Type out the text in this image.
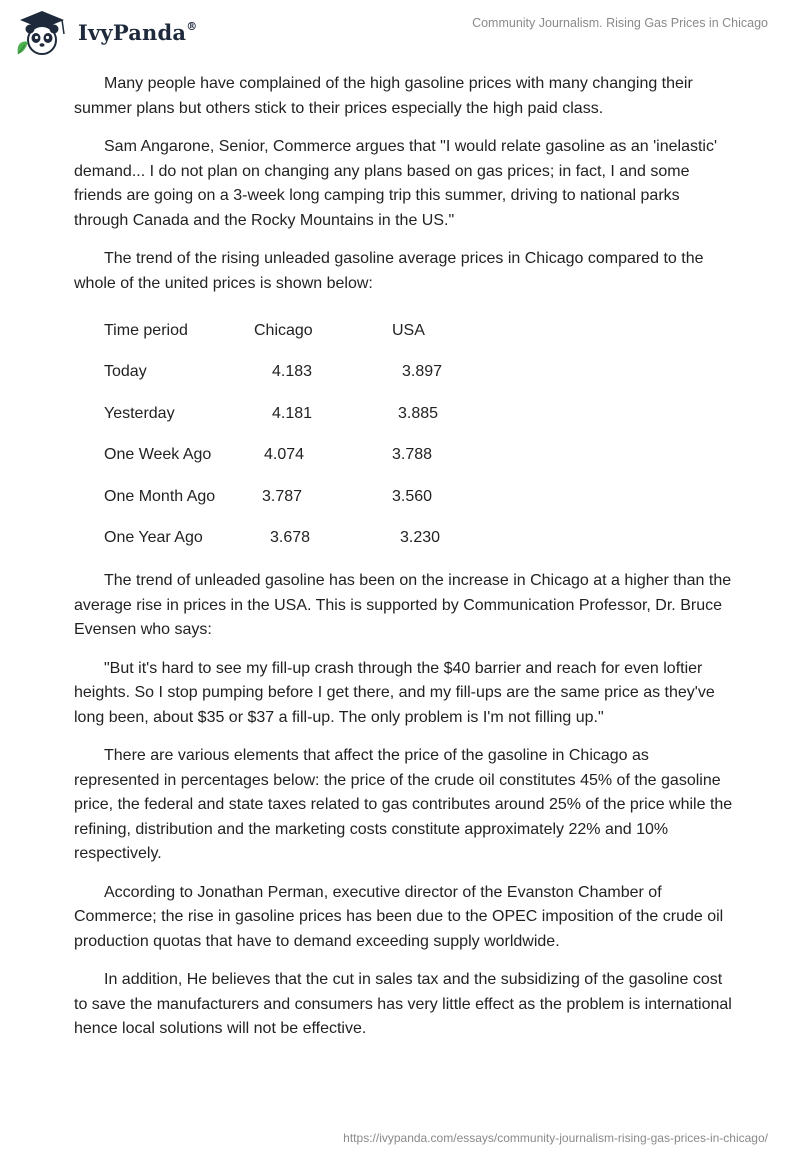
IvyPanda®	Community Journalism. Rising Gas Prices in Chicago

Many people have complained of the high gasoline prices with many changing their summer plans but others stick to their prices especially the high paid class.

Sam Angarone, Senior, Commerce argues that "I would relate gasoline as an 'inelastic' demand... I do not plan on changing any plans based on gas prices; in fact, I and some friends are going on a 3-week long camping trip this summer, driving to national parks through Canada and the Rocky Mountains in the US."

The trend of the rising unleaded gasoline average prices in Chicago compared to the whole of the united prices is shown below:

Time period	Chicago	USA
Today	4.183	3.897
Yesterday	4.181	3.885
One Week Ago	4.074	3.788
One Month Ago	3.787	3.560
One Year Ago	3.678	3.230

The trend of unleaded gasoline has been on the increase in Chicago at a higher than the average rise in prices in the USA. This is supported by Communication Professor, Dr. Bruce Evensen who says:

"But it's hard to see my fill-up crash through the $40 barrier and reach for even loftier heights. So I stop pumping before I get there, and my fill-ups are the same price as they've long been, about $35 or $37 a fill-up. The only problem is I'm not filling up."

There are various elements that affect the price of the gasoline in Chicago as represented in percentages below: the price of the crude oil constitutes 45% of the gasoline price, the federal and state taxes related to gas contributes around 25% of the price while the refining, distribution and the marketing costs constitute approximately 22% and 10% respectively.

According to Jonathan Perman, executive director of the Evanston Chamber of Commerce; the rise in gasoline prices has been due to the OPEC imposition of the crude oil production quotas that have to demand exceeding supply worldwide.

In addition, He believes that the cut in sales tax and the subsidizing of the gasoline cost to save the manufacturers and consumers has very little effect as the problem is international hence local solutions will not be effective.

https://ivypanda.com/essays/community-journalism-rising-gas-prices-in-chicago/
